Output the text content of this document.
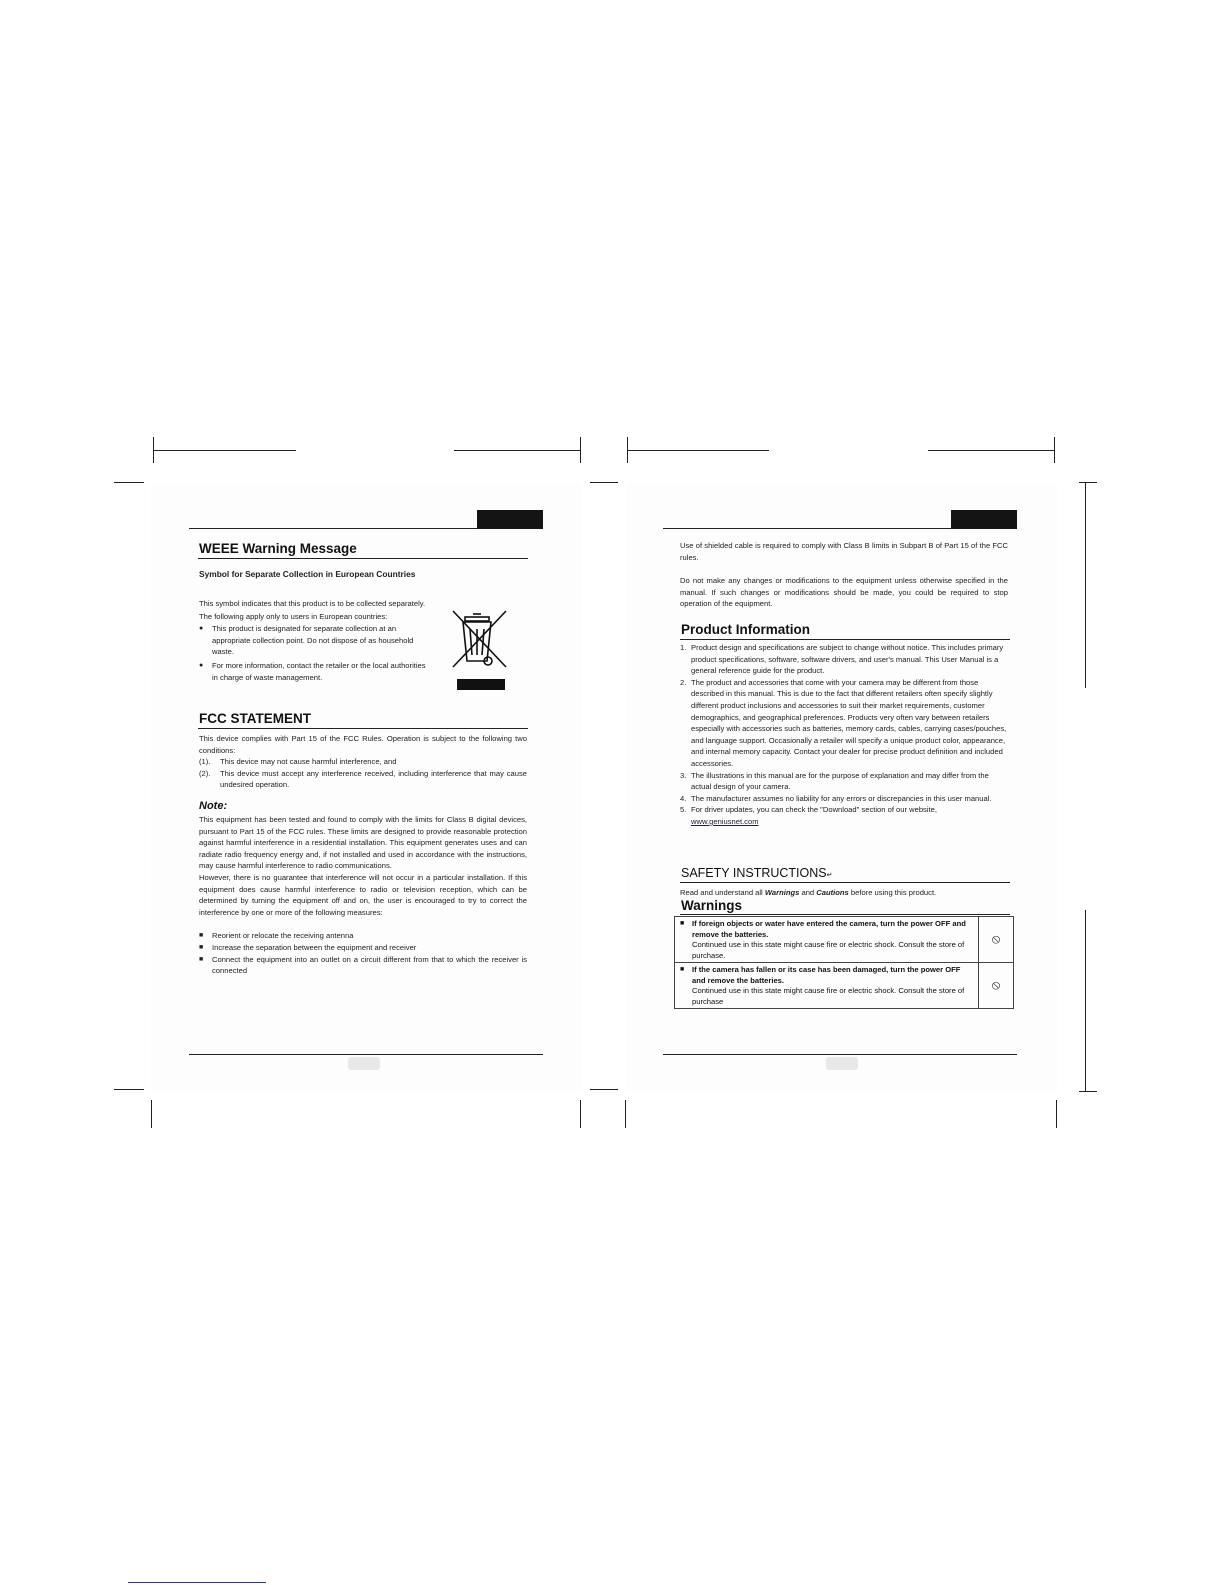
WEEE Warning Message
Symbol for Separate Collection in European Countries
This symbol indicates that this product is to be collected separately.
The following apply only to users in European countries:
● This product is designated for separate collection at an appropriate collection point. Do not dispose of as household waste.
● For more information, contact the retailer or the local authorities in charge of waste management.
FCC STATEMENT
This device complies with Part 15 of the FCC Rules. Operation is subject to the following two conditions:
(1). This device may not cause harmful interference, and
(2). This device must accept any interference received, including interference that may cause undesired operation.
Note:
This equipment has been tested and found to comply with the limits for Class B digital devices, pursuant to Part 15 of the FCC rules. These limits are designed to provide reasonable protection against harmful interference in a residential installation. This equipment generates uses and can radiate radio frequency energy and, if not installed and used in accordance with the instructions, may cause harmful interference to radio communications.
However, there is no guarantee that interference will not occur in a particular installation. If this equipment does cause harmful interference to radio or television reception, which can be determined by turning the equipment off and on, the user is encouraged to try to correct the interference by one or more of the following measures:
■ Reorient or relocate the receiving antenna
■ Increase the separation between the equipment and receiver
■ Connect the equipment into an outlet on a circuit different from that to which the receiver is connected
Use of shielded cable is required to comply with Class B limits in Subpart B of Part 15 of the FCC rules.
Do not make any changes or modifications to the equipment unless otherwise specified in the manual. If such changes or modifications should be made, you could be required to stop operation of the equipment.
Product Information
1. Product design and specifications are subject to change without notice. This includes primary product specifications, software, software drivers, and user's manual. This User Manual is a general reference guide for the product.
2. The product and accessories that come with your camera may be different from those described in this manual. This is due to the fact that different retailers often specify slightly different product inclusions and accessories to suit their market requirements, customer demographics, and geographical preferences. Products very often vary between retailers especially with accessories such as batteries, memory cards, cables, carrying cases/pouches, and language support. Occasionally a retailer will specify a unique product color, appearance, and internal memory capacity. Contact your dealer for precise product definition and included accessories.
3. The illustrations in this manual are for the purpose of explanation and may differ from the actual design of your camera.
4. The manufacturer assumes no liability for any errors or discrepancies in this user manual.
5. For driver updates, you can check the "Download" section of our website,
www.geniusnet.com
SAFETY INSTRUCTIONS↵
Read and understand all Warnings and Cautions before using this product.
Warnings
■ If foreign objects or water have entered the camera, turn the power OFF and remove the batteries.
Continued use in this state might cause fire or electric shock. Consult the store of purchase.	⦸

■ If the camera has fallen or its case has been damaged, turn the power OFF and remove the batteries.
Continued use in this state might cause fire or electric shock. Consult the store of purchase	⦸
